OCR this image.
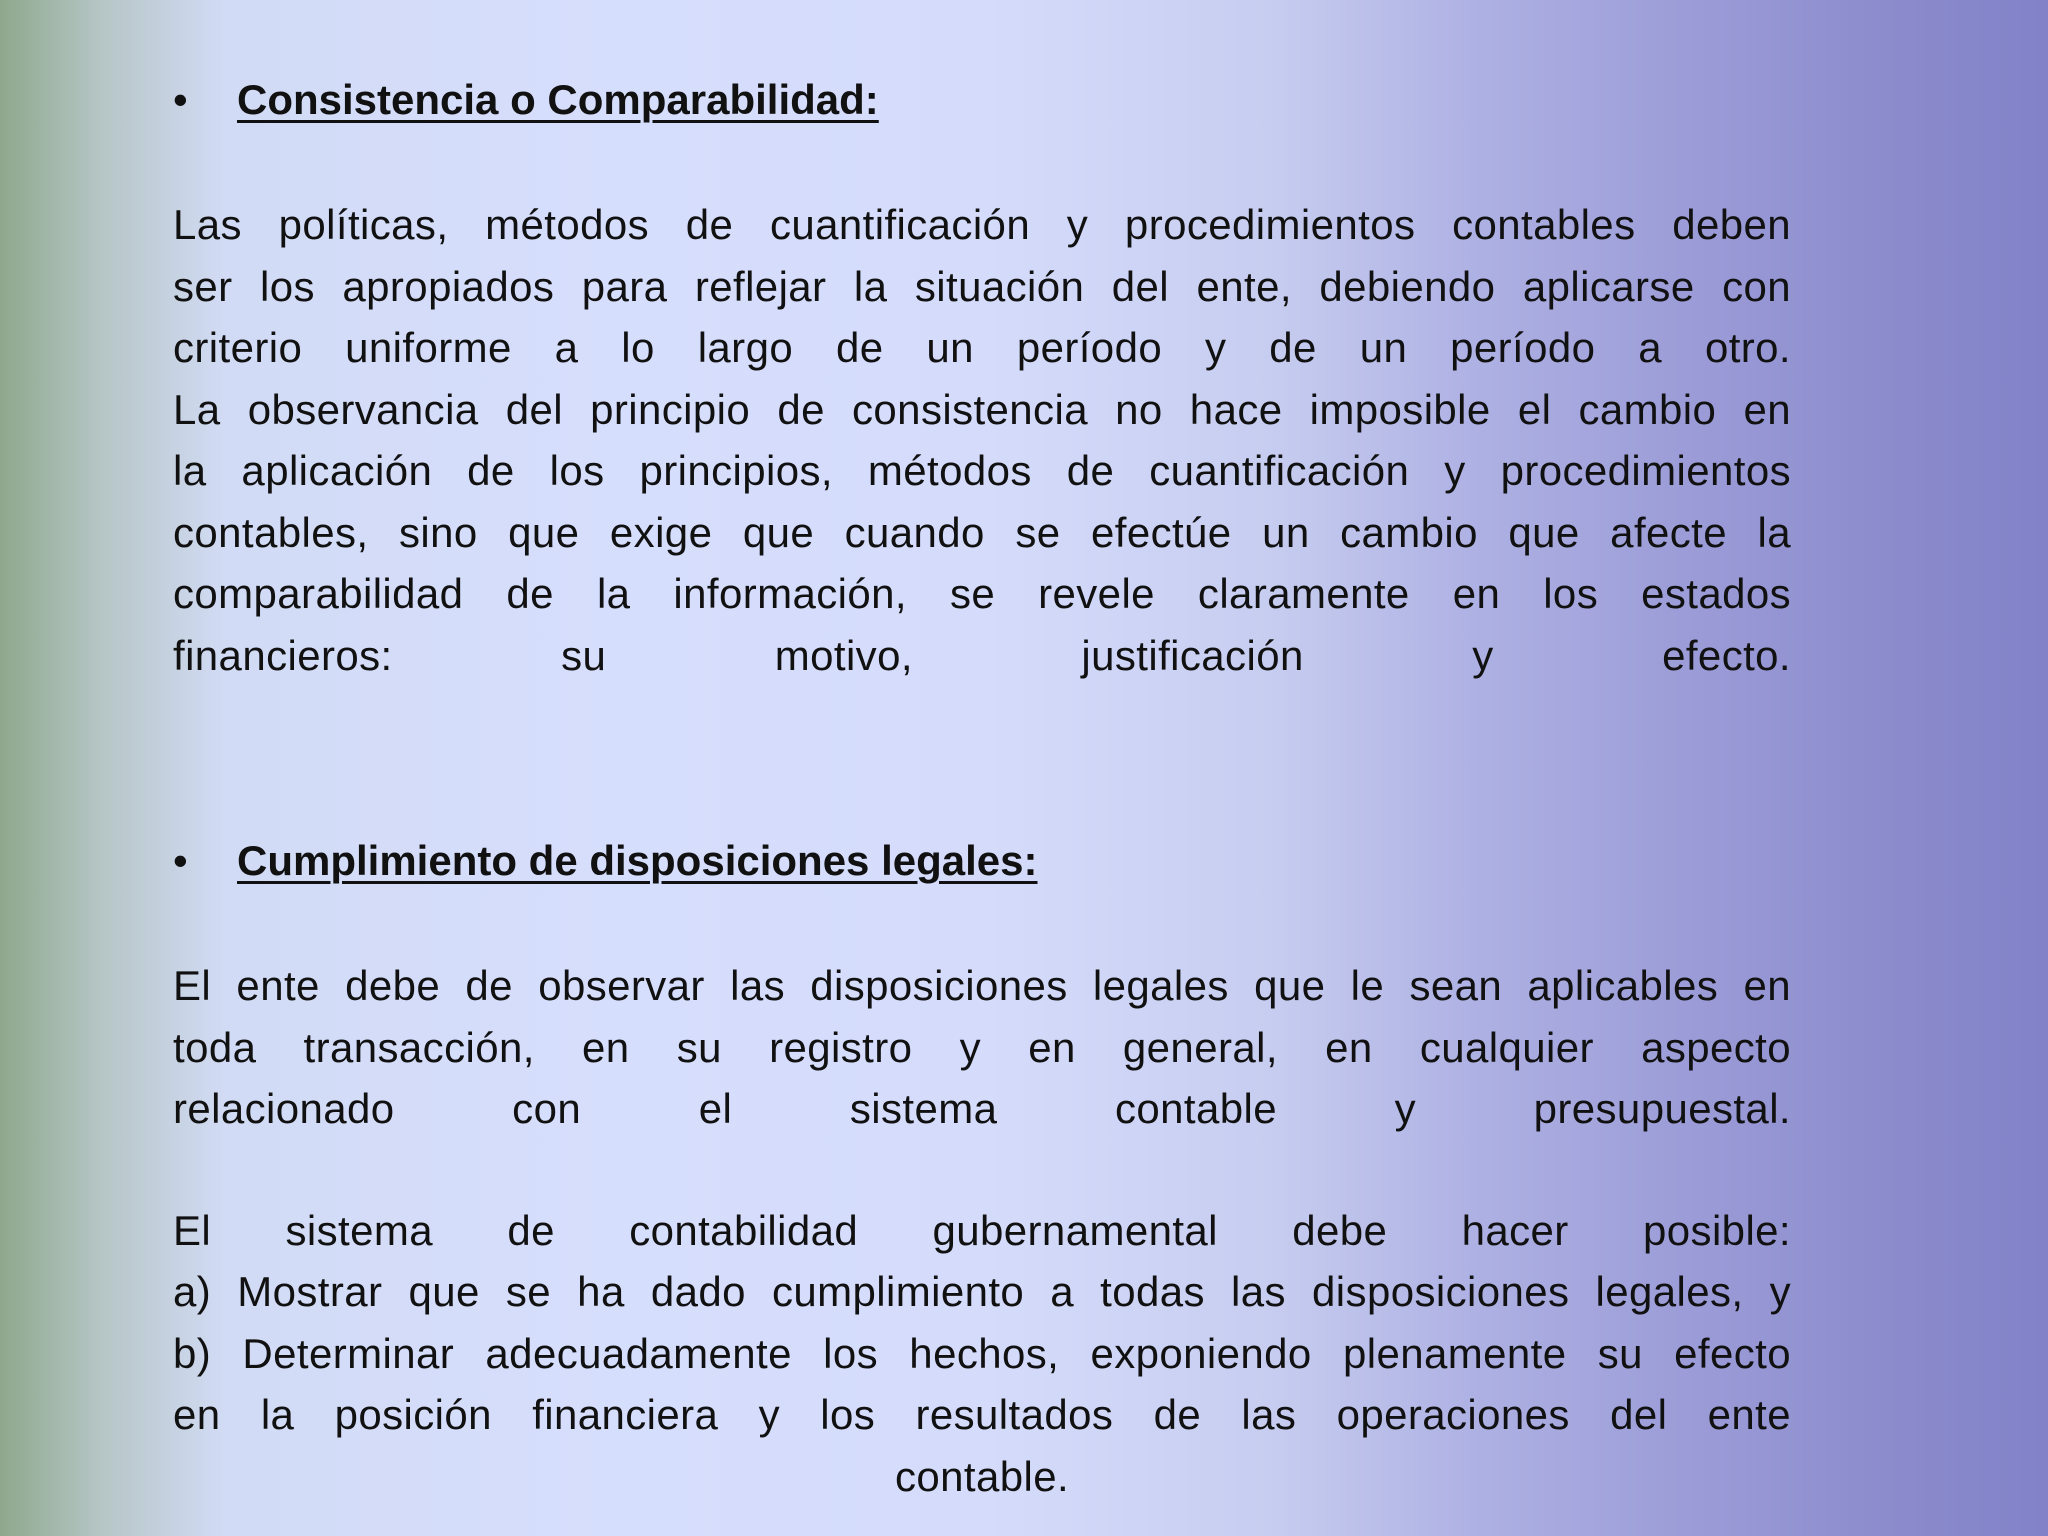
•	Consistencia o Comparabilidad:

Las políticas, métodos de cuantificación y procedimientos contables deben
ser los apropiados para reflejar la situación del ente, debiendo aplicarse con
criterio uniforme a lo largo de un período y de un período a otro.
La observancia del principio de consistencia no hace imposible el cambio en
la aplicación de los principios, métodos de cuantificación y procedimientos
contables, sino que exige que cuando se efectúe un cambio que afecte la
comparabilidad de la información, se revele claramente en los estados
financieros: su motivo, justificación y efecto.

•	Cumplimiento de disposiciones legales:

El ente debe de observar las disposiciones legales que le sean aplicables en
toda transacción, en su registro y en general, en cualquier aspecto
relacionado con el sistema contable y presupuestal.

El sistema de contabilidad gubernamental debe hacer posible:
a) Mostrar que se ha dado cumplimiento a todas las disposiciones legales, y
b) Determinar adecuadamente los hechos, exponiendo plenamente su efecto
en la posición financiera y los resultados de las operaciones del ente
contable.
